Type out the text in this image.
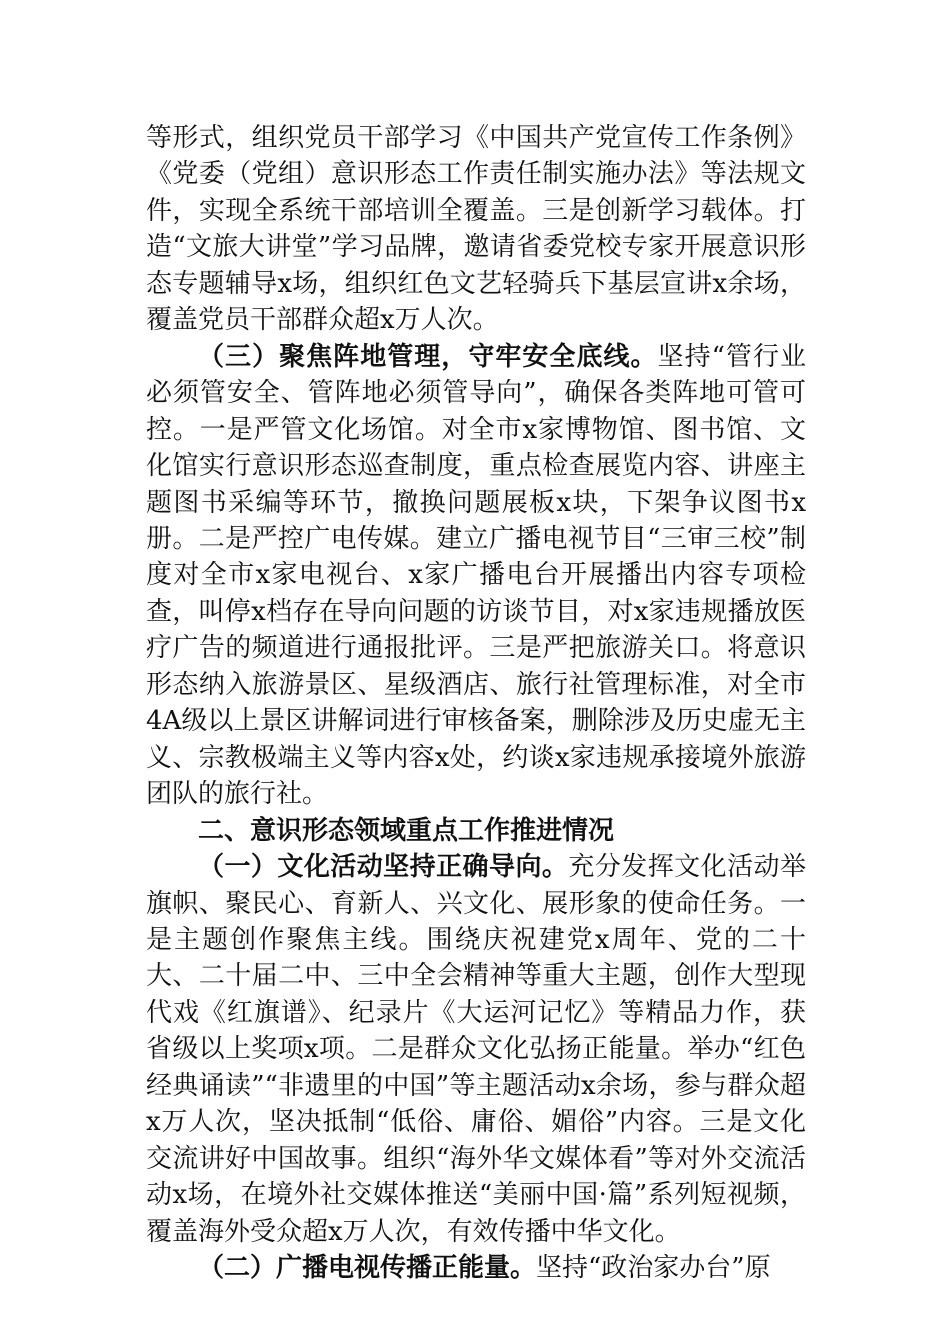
等形式，组织党员干部学习《中国共产党宣传工作条例》《党委（党组）意识形态工作责任制实施办法》等法规文件，实现全系统干部培训全覆盖。三是创新学习载体。打造“文旅大讲堂”学习品牌，邀请省委党校专家开展意识形态专题辅导x场，组织红色文艺轻骑兵下基层宣讲x余场，覆盖党员干部群众超x万人次。

（三）聚焦阵地管理，守牢安全底线。坚持“管行业必须管安全、管阵地必须管导向”，确保各类阵地可管可控。一是严管文化场馆。对全市x家博物馆、图书馆、文化馆实行意识形态巡查制度，重点检查展览内容、讲座主题图书采编等环节，撤换问题展板x块，下架争议图书x册。二是严控广电传媒。建立广播电视节目“三审三校”制度对全市x家电视台、x家广播电台开展播出内容专项检查，叫停x档存在导向问题的访谈节目，对x家违规播放医疗广告的频道进行通报批评。三是严把旅游关口。将意识形态纳入旅游景区、星级酒店、旅行社管理标准，对全市4A级以上景区讲解词进行审核备案，删除涉及历史虚无主义、宗教极端主义等内容x处，约谈x家违规承接境外旅游团队的旅行社。

二、意识形态领域重点工作推进情况

（一）文化活动坚持正确导向。充分发挥文化活动举旗帜、聚民心、育新人、兴文化、展形象的使命任务。一是主题创作聚焦主线。围绕庆祝建党x周年、党的二十大、二十届二中、三中全会精神等重大主题，创作大型现代戏《红旗谱》、纪录片《大运河记忆》等精品力作，获省级以上奖项x项。二是群众文化弘扬正能量。举办“红色经典诵读”“非遗里的中国”等主题活动x余场，参与群众超x万人次，坚决抵制“低俗、庸俗、媚俗”内容。三是文化交流讲好中国故事。组织“海外华文媒体看”等对外交流活动x场，在境外社交媒体推送“美丽中国·篇”系列短视频，覆盖海外受众超x万人次，有效传播中华文化。

（二）广播电视传播正能量。坚持“政治家办台”原
